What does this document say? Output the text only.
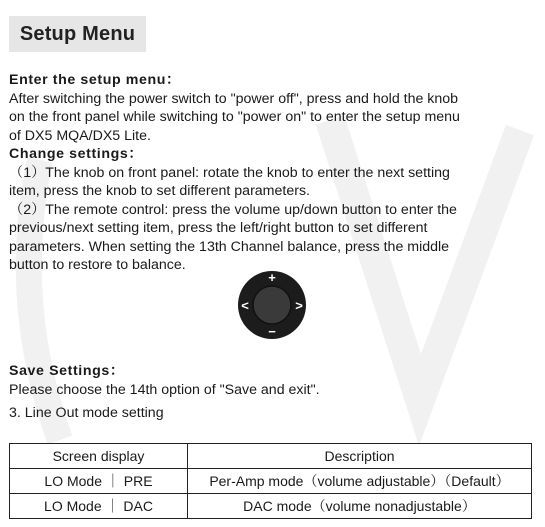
Setup Menu
Enter the setup menu：
After switching the power switch to "power off", press and hold the knob
on the front panel while switching to "power on" to enter the setup menu
of DX5 MQA/DX5 Lite.
Change settings：
（1）The knob on front panel: rotate the knob to enter the next setting
item, press the knob to set different parameters.
（2）The remote control: press the volume up/down button to enter the
previous/next setting item, press the left/right button to set different
parameters. When setting the 13th Channel balance, press the middle
button to restore to balance.
+
−
<	>
Save Settings：
Please choose the 14th option of "Save and exit".
3. Line Out mode setting
Screen display	Description
LO Mode ｜ PRE	Per-Amp mode（volume adjustable）（Default）
LO Mode ｜ DAC	DAC mode（volume nonadjustable）
